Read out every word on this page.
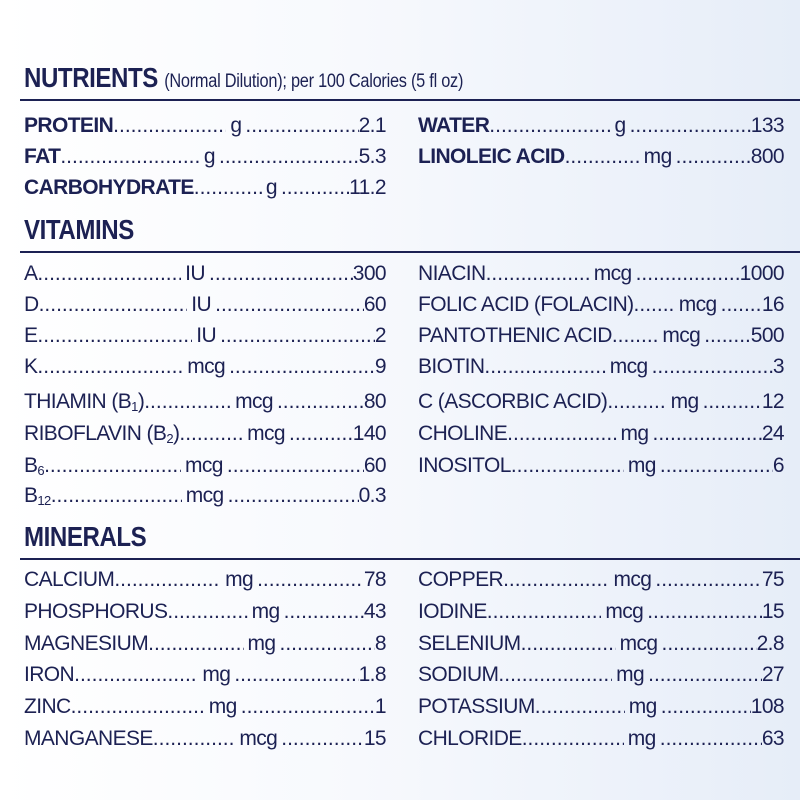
NUTRIENTS (Normal Dilution); per 100 Calories (5 fl oz)
PROTEIN .....	g .....	2.1
FAT .....	g .....	5.3
CARBOHYDRATE .....	g .....	11.2
WATER .....	g .....	133
LINOLEIC ACID .....	mg .....	800
VITAMINS
A .....	IU .....	300
D .....	IU .....	60
E .....	IU .....	2
K .....	mcg .....	9
THIAMIN $(B_1)$ .....	mcg .....	80
RIBOFLAVIN $(B_2)$ .....	mcg .....	140
$B_6$ .....	mcg .....	60
$B_{12}$ .....	mcg .....	0.3
NIACIN .....	mcg .....	1000
FOLIC ACID (FOLACIN) ..... mcg ..... 16
PANTOTHENIC ACID ..... mcg ..... 500
BIOTIN .....	mcg .....	3
C (ASCORBIC ACID) .....	mg .....	12
CHOLINE .....	mg .....	24
INOSITOL .....	mg .....	6
MINERALS
CALCIUM .....	mg .....	78
PHOSPHORUS .....	mg .....	43
MAGNESIUM .....	mg .....	8
IRON .....	mg .....	1.8
ZINC .....	mg .....	1
MANGANESE .....	mcg .....	15
COPPER .....	mcg .....	75
IODINE .....	mcg .....	15
SELENIUM .....	mcg .....	2.8
SODIUM .....	mg .....	27
POTASSIUM .....	mg .....	108
CHLORIDE .....	mg .....	63
